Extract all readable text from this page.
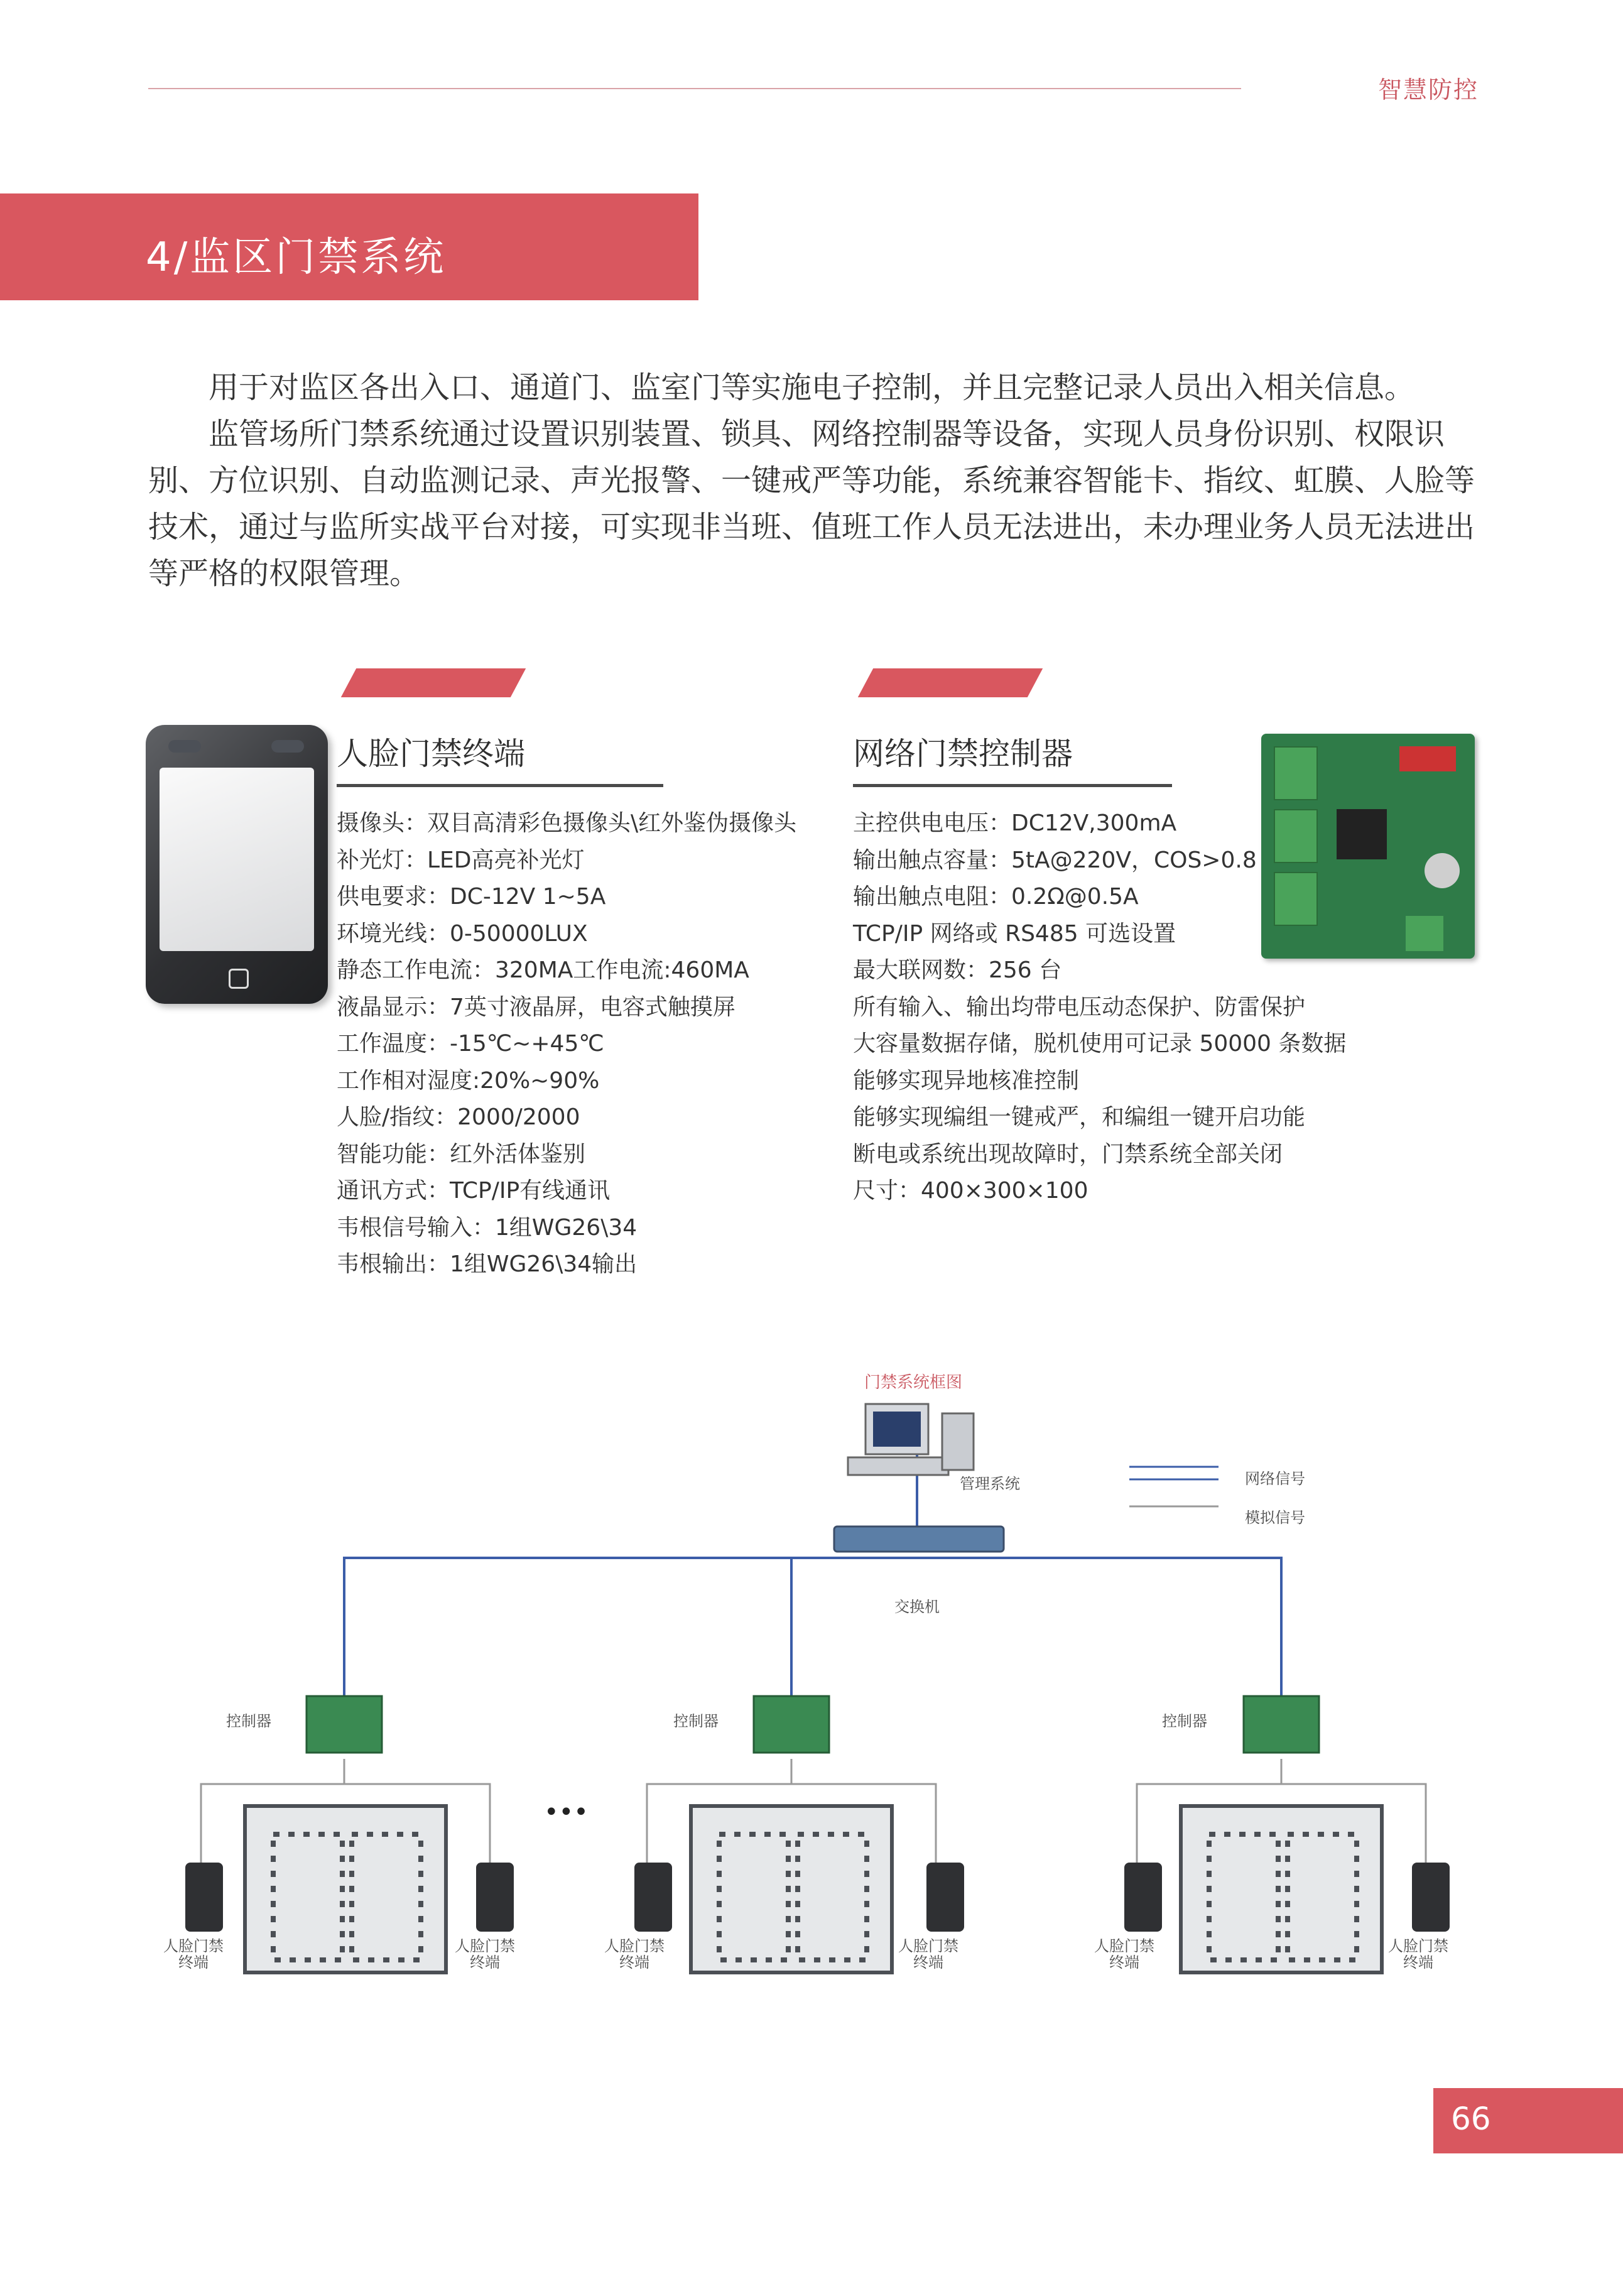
智慧防控
4/监区门禁系统

用于对监区各出入口、通道门、监室门等实施电子控制，并且完整记录人员出入相关信息。

监管场所门禁系统通过设置识别装置、锁具、网络控制器等设备，实现人员身份识别、权限识别、方位识别、自动监测记录、声光报警、一键戒严等功能，系统兼容智能卡、指纹、虹膜、人脸等技术，通过与监所实战平台对接，可实现非当班、值班工作人员无法进出，未办理业务人员无法进出等严格的权限管理。

人脸门禁终端
摄像头：双目高清彩色摄像头\红外鉴伪摄像头
补光灯：LED高亮补光灯
供电要求：DC-12V 1~5A
环境光线：0-50000LUX
静态工作电流：320MA工作电流:460MA
液晶显示：7英寸液晶屏，电容式触摸屏
工作温度：-15℃~+45℃
工作相对湿度:20%~90%
人脸/指纹：2000/2000
智能功能：红外活体鉴别
通讯方式：TCP/IP有线通讯
韦根信号输入：1组WG26\34
韦根输出：1组WG26\34输出
网络门禁控制器
主控供电电压：DC12V,300mA
输出触点容量：5tA@220V，COS>0.8
输出触点电阻：0.2Ω@0.5A
TCP/IP 网络或 RS485 可选设置
最大联网数：256 台
所有输入、输出均带电压动态保护、防雷保护
大容量数据存储，脱机使用可记录 50000 条数据
能够实现异地核准控制
能够实现编组一键戒严，和编组一键开启功能
断电或系统出现故障时，门禁系统全部关闭
尺寸：400×300×100
门禁系统框图
管理系统
交换机
网络信号
模拟信号
控制器	控制器	控制器
•••
人脸门禁
终端
人脸门禁
终端
人脸门禁
终端
人脸门禁
终端
人脸门禁
终端
人脸门禁
终端
66
